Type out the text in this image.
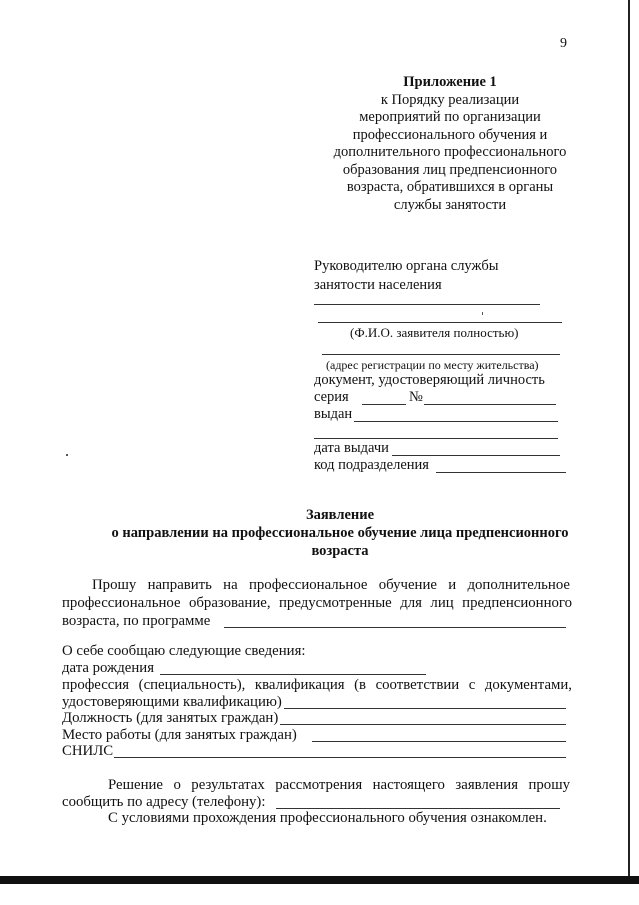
9
Приложение 1
к Порядку реализации
мероприятий по организации
профессионального обучения и
дополнительного профессионального
образования лиц предпенсионного
возраста, обратившихся в органы
службы занятости
Руководителю органа службы
занятости населения
(Ф.И.О. заявителя полностью)
(адрес регистрации по месту жительства)
документ, удостоверяющий личность
серия	№
выдан
дата выдачи
код подразделения
Заявление
о направлении на профессиональное обучение лица предпенсионного
возраста
Прошу направить на профессиональное обучение и дополнительное
профессиональное образование, предусмотренные для лиц предпенсионного
возраста, по программе
О себе сообщаю следующие сведения:
дата рождения
профессия (специальность), квалификация (в соответствии с документами,
удостоверяющими квалификацию)
Должность (для занятых граждан)
Место работы (для занятых граждан)
СНИЛС
Решение о результатах рассмотрения настоящего заявления прошу
сообщить по адресу (телефону):
С условиями прохождения профессионального обучения ознакомлен.
